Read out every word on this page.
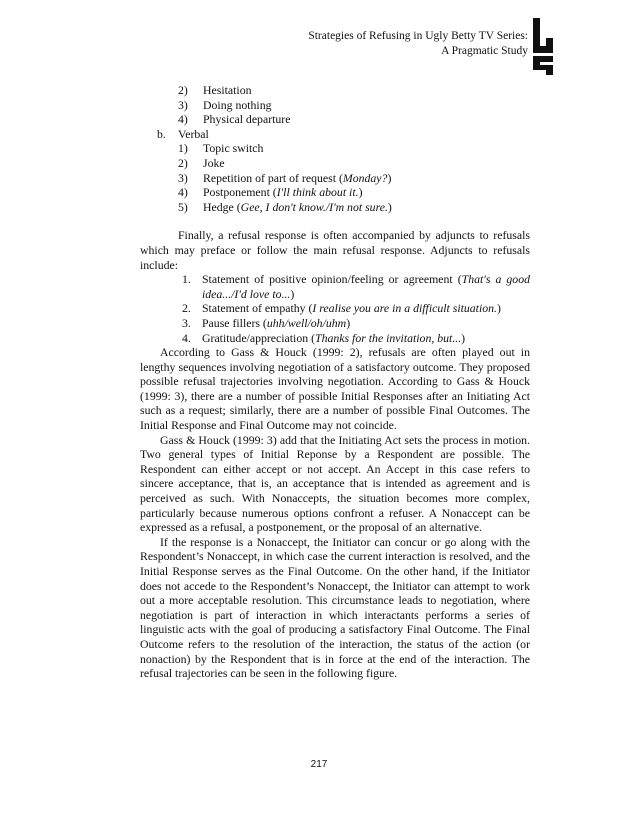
Strategies of Refusing in Ugly Betty TV Series:
A Pragmatic Study
2) Hesitation
3) Doing nothing
4) Physical departure
b. Verbal
1) Topic switch
2) Joke
3) Repetition of part of request (Monday?)
4) Postponement (I'll think about it.)
5) Hedge (Gee, I don't know./I'm not sure.)

Finally, a refusal response is often accompanied by adjuncts to refusals which may preface or follow the main refusal response. Adjuncts to refusals include:

1. Statement of positive opinion/feeling or agreement (That's a good idea.../I'd love to...)
2. Statement of empathy (I realise you are in a difficult situation.)
3. Pause fillers (uhh/well/oh/uhm)
4. Gratitude/appreciation (Thanks for the invitation, but...)

According to Gass & Houck (1999: 2), refusals are often played out in lengthy sequences involving negotiation of a satisfactory outcome. They proposed possible refusal trajectories involving negotiation. According to Gass & Houck (1999: 3), there are a number of possible Initial Responses after an Initiating Act such as a request; similarly, there are a number of possible Final Outcomes. The Initial Response and Final Outcome may not coincide.

Gass & Houck (1999: 3) add that the Initiating Act sets the process in motion. Two general types of Initial Reponse by a Respondent are possible. The Respondent can either accept or not accept. An Accept in this case refers to sincere acceptance, that is, an acceptance that is intended as agreement and is perceived as such. With Nonaccepts, the situation becomes more complex, particularly because numerous options confront a refuser. A Nonaccept can be expressed as a refusal, a postponement, or the proposal of an alternative.

If the response is a Nonaccept, the Initiator can concur or go along with the Respondent’s Nonaccept, in which case the current interaction is resolved, and the Initial Response serves as the Final Outcome. On the other hand, if the Initiator does not accede to the Respondent’s Nonaccept, the Initiator can attempt to work out a more acceptable resolution. This circumstance leads to negotiation, where negotiation is part of interaction in which interactants performs a series of linguistic acts with the goal of producing a satisfactory Final Outcome. The Final Outcome refers to the resolution of the interaction, the status of the action (or nonaction) by the Respondent that is in force at the end of the interaction. The refusal trajectories can be seen in the following figure.

217
